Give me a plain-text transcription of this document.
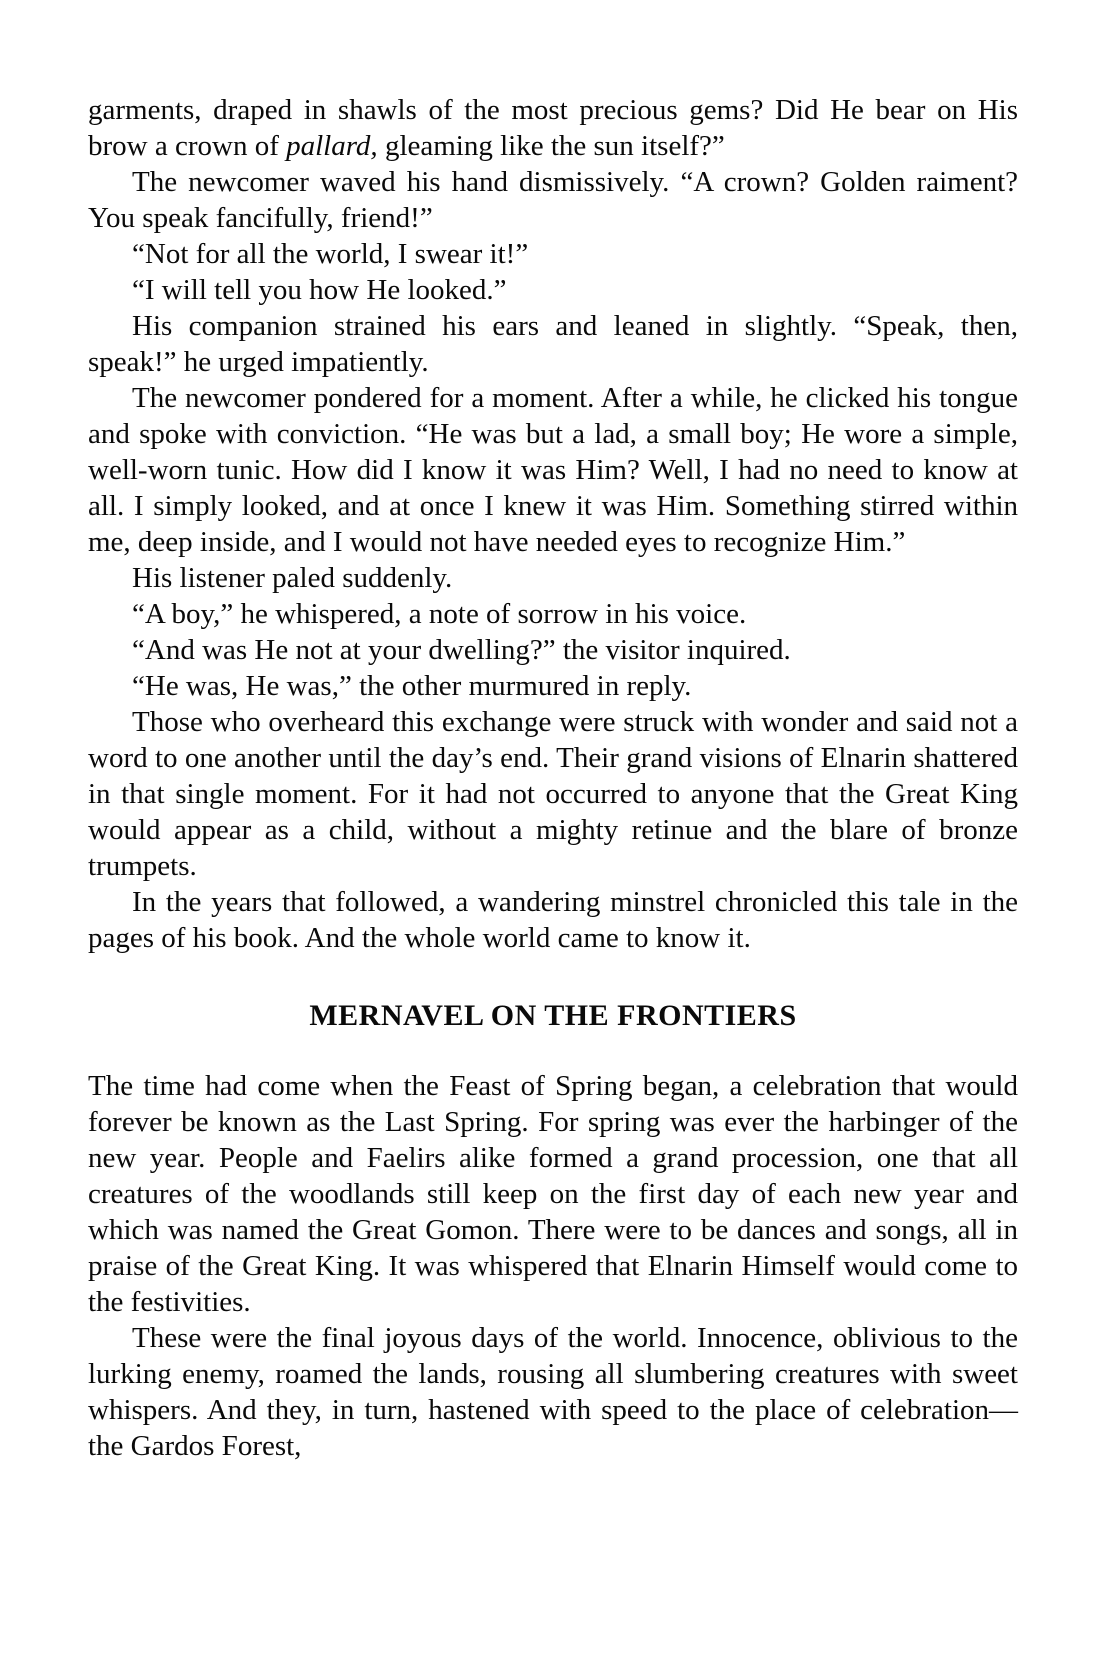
garments, draped in shawls of the most precious gems? Did He bear on His brow a crown of pallard, gleaming like the sun itself?”

The newcomer waved his hand dismissively. “A crown? Golden raiment? You speak fancifully, friend!”

“Not for all the world, I swear it!”

“I will tell you how He looked.”

His companion strained his ears and leaned in slightly. “Speak, then, speak!” he urged impatiently.

The newcomer pondered for a moment. After a while, he clicked his tongue and spoke with conviction. “He was but a lad, a small boy; He wore a simple, well-worn tunic. How did I know it was Him? Well, I had no need to know at all. I simply looked, and at once I knew it was Him. Something stirred within me, deep inside, and I would not have needed eyes to recognize Him.”

His listener paled suddenly.

“A boy,” he whispered, a note of sorrow in his voice.

“And was He not at your dwelling?” the visitor inquired.

“He was, He was,” the other murmured in reply.

Those who overheard this exchange were struck with wonder and said not a word to one another until the day’s end. Their grand visions of Elnarin shattered in that single moment. For it had not occurred to anyone that the Great King would appear as a child, without a mighty retinue and the blare of bronze trumpets.

In the years that followed, a wandering minstrel chronicled this tale in the pages of his book. And the whole world came to know it.

MERNAVEL ON THE FRONTIERS

The time had come when the Feast of Spring began, a celebration that would forever be known as the Last Spring. For spring was ever the harbinger of the new year. People and Faelirs alike formed a grand procession, one that all creatures of the woodlands still keep on the first day of each new year and which was named the Great Gomon. There were to be dances and songs, all in praise of the Great King. It was whispered that Elnarin Himself would come to the festivities.

These were the final joyous days of the world. Innocence, oblivious to the lurking enemy, roamed the lands, rousing all slumbering creatures with sweet whispers. And they, in turn, hastened with speed to the place of celebration—the Gardos Forest,
